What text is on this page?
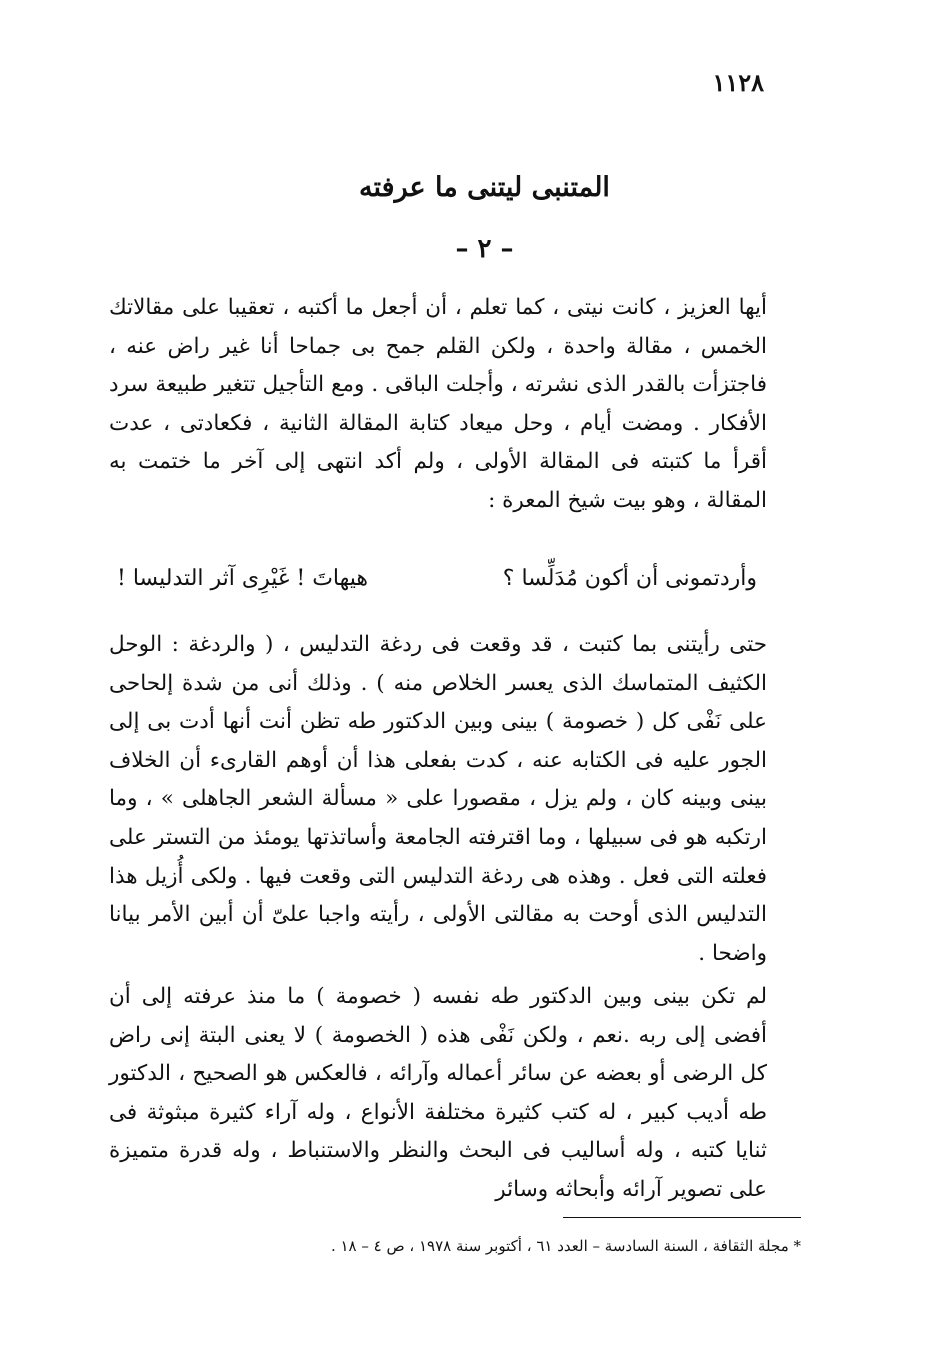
١١٢٨
المتنبى ليتنى ما عرفته
– ٢ –

أيها العزيز ، كانت نيتى ، كما تعلم ، أن أجعل ما أكتبه ، تعقيبا على مقالاتك الخمس ، مقالة واحدة ، ولكن القلم جمح بى جماحا أنا غير راض عنه ، فاجتزأت بالقدر الذى نشرته ، وأجلت الباقى . ومع التأجيل تتغير طبيعة سرد الأفكار . ومضت أيام ، وحل ميعاد كتابة المقالة الثانية ، فكعادتى ، عدت أقرأ ما كتبته فى المقالة الأولى ، ولم أكد انتهى إلى آخر ما ختمت به المقالة ، وهو بيت شيخ المعرة :

وأردتمونى أن أكون مُدَلِّسا ؟
هيهاتَ ! غَيْرِى آثر التدليسا !

حتى رأيتنى بما كتبت ، قد وقعت فى ردغة التدليس ، ( والردغة : الوحل الكثيف المتماسك الذى يعسر الخلاص منه ) . وذلك أنى من شدة إلحاحى على نَفْى كل ( خصومة ) بينى وبين الدكتور طه تظن أنت أنها أدت بى إلى الجور عليه فى الكتابه عنه ، كدت بفعلى هذا أن أوهم القارىء أن الخلاف بينى وبينه كان ، ولم يزل ، مقصورا على « مسألة الشعر الجاهلى » ، وما ارتكبه هو فى سبيلها ، وما اقترفته الجامعة وأساتذتها يومئذ من التستر على فعلته التى فعل . وهذه هى ردغة التدليس التى وقعت فيها . ولكى أُزيل هذا التدليس الذى أوحت به مقالتى الأولى ، رأيته واجبا علىّ أن أبين الأمر بيانا واضحا .

لم تكن بينى وبين الدكتور طه نفسه ( خصومة ) ما منذ عرفته إلى أن أفضى إلى ربه .نعم ، ولكن نَفْى هذه ( الخصومة ) لا يعنى البتة إنى راض كل الرضى أو بعضه عن سائر أعماله وآرائه ، فالعكس هو الصحيح ، الدكتور طه أديب كبير ، له كتب كثيرة مختلفة الأنواع ، وله آراء كثيرة مبثوثة فى ثنايا كتبه ، وله أساليب فى البحث والنظر والاستنباط ، وله قدرة متميزة على تصوير آرائه وأبحاثه وسائر

* مجلة الثقافة ، السنة السادسة – العدد ٦١ ، أكتوبر سنة ١٩٧٨ ، ص ٤ – ١٨ .
